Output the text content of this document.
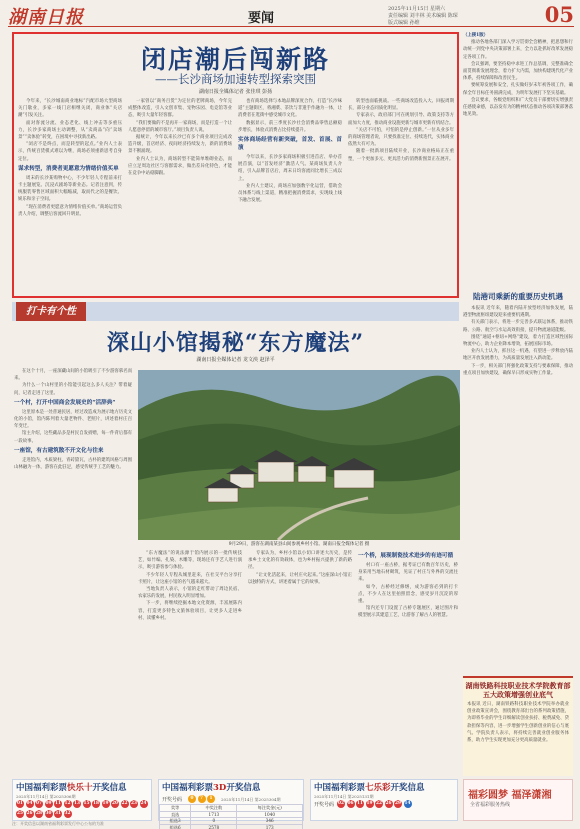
湖南日报	要闻
2025年11月15日 星期六
责任编辑 刘丰林 美术编辑 陈琛
版式编辑 孙维	05
闭店潮后闯新路
——长沙商场加速转型探索突围
湖南日报全媒体记者 张佳琪 彭扬

今年来，“长沙城南商业地标”汽配市场大型商场关门歇业，多家一线门店相继关闭，商业体“关店潮”引发关注。

面对客流分流、业态老化、线上冲击等多重压力，长沙多家商场主动调整，从“卖商品”向“卖场景”“卖体验”转变，在困境中寻找新出路。

“闭店不是终点，而是转型的起点。”业内人士表示，传统百货模式难以为继，商场必须重新思考自身定位。

谋求转型，消费者更愿意为情绪价值买单

周末的长沙某购物中心，不少年轻人专程前来打卡主题展览、沉浸式剧场等新业态。记者注意到，传统服装零售区域面积大幅缩减，取而代之的是餐饮、娱乐和亲子空间。

“现在消费者更愿意为情绪价值买单。”商场运营负责人介绍，调整后客流回升明显。

一家曾以“商务百货”为定位的老牌商场，今年完成整体改造，引入文创市集、宠物乐园、电竞馆等业态，吸引大量年轻客群。

“我们要做的不是再开一家商场，而是打造一个让人愿意停留的城市客厅。”项目负责人说。

据统计，今年以来长沙已有多个商业项目完成改造升级，首店经济、夜间经济持续发力，新的消费场景不断涌现。

业内人士认为，商场转型不能简单堆砌业态，而应立足周边社区与客群需求，做出差异化特色，才能在竞争中站稳脚跟。

也有商场选择与本地品牌深度合作，打造“长沙味道”主题街区，将湘菜、茶饮与非遗手作融为一体，让消费者在逛街中感受城市文化。

数据显示，前三季度长沙社会消费品零售总额稳步增长，体验式消费占比持续提升。

实体商场经营有新突破，首发、首展、首演

今年以来，长沙多家商场积极引进首店、举办首展首演，以“首发经济”激活人气。某商场负责人介绍，引入品牌首店后，周末日均客流同比增长三成以上。

业内人士建议，商场应加强数字化运营，借助会员体系与线上渠道，精准把握消费需求，实现线上线下融合发展。

转型也面临挑战。一些商场改造投入大、回报周期长，部分业态同质化明显。

专家表示，政府部门可在规划引导、政策支持等方面加大力度，推动商业设施更新与城市更新有机结合。

“关店不可怕，可怕的是停止创新。”一位从业多年的商场管理者说，只要找准定位、持续迭代，实体商业依然大有可为。

随着一批新项目陆续开业，长沙商业格局正在重塑，一个更加多元、更具活力的消费新图景正在展开。

（上接1版）

推动各地各部门深入学习贯彻全会精神，把思想和行动统一到党中央决策部署上来，全力以赴抓好改革发展稳定各项工作。

会议强调，要坚持稳中求进工作总基调，完整准确全面贯彻新发展理念，着力扩大内需，加快构建现代化产业体系，持续保障和改善民生。

要统筹发展和安全，扎实做好岁末年初各项工作，确保全年目标任务圆满完成，为明年发展打下坚实基础。

会议要求，各级党组织和广大党员干部要切实增强责任感使命感，以奋发有为的精神状态推动各项决策部署落地见效。

陆港司乘新的重要历史机遇

本报讯 近年来，随着内陆开放型经济加快发展，陆港型物流枢纽建设迎来重要机遇期。

有关部门表示，将进一步完善多式联运体系，推动铁路、公路、航空与水运高效衔接，提升物流通道能级。

围绕“通道+枢纽+网络”建设，着力打造区域性国际物流中心，助力企业降本增效，拓展国际市场。

业内人士认为，抓住这一机遇，有望进一步释放内陆地区开放发展潜力，为高质量发展注入新动能。

下一步，相关部门将强化政策支持与要素保障，推动重点项目加快建设，确保早日形成实物工作量。

打卡有个性
深山小馆揭秘“东方魔法”
湖南日报全媒体记者 龙文泱 赵泽平

在这个十月，一座深藏山间的小馆吸引了不少游客慕名而来。

为什么一个山村里的小馆能引起这么多人关注？带着疑问，记者走进了这里。

一个村，打开中国商会发展史的“活辞典”

这里原本是一处普通民居，经过改造成为展示地方历史文化的小馆，馆内陈列着大量老物件、老照片，讲述着村庄百年变迁。

馆主介绍，这些藏品多是村民自发捐赠，每一件背后都有一段故事。

一座馆，有古建筑散不开文化与往来

走进馆内，木质梁柱、青砖黛瓦，古朴的建筑风格与周围山林融为一体，游客在此驻足，感受传统手工艺的魅力。

9月29日，游客在湖南某县山间参观乡村小馆。湖南日报全媒体记者 摄

“东方魔法”的说法源于馆内展示的一批传统技艺，如竹编、扎染、木雕等，现场还有手艺人进行演示，吸引游客参与体验。

不少年轻人专程从城里赶来，在社交平台分享打卡照片，让这座小馆的名气越来越大。

当地负责人表示，小馆的走红带动了周边民宿、农家乐的发展，村民收入明显增加。

下一步，将继续挖掘本地文化资源，丰富展陈内容，打造更多特色文旅体验项目，让更多人走进乡村、读懂乡村。

专家认为，乡村小馆以小切口讲述大历史，是传承乡土文化的有效载体，也为乡村振兴提供了新的路径。

“让文化活起来，让村庄火起来。”这座深山小馆正以独特的方式，讲述着属于它的故事。

一个桥，展现制瓷技术进步的有迹可循

村口有一座古桥，据考证已有数百年历史，桥身采用当地石材砌筑，见证了村庄与外界的交流往来。

如今，古桥经过修缮，成为游客必到的打卡点，不少人在这里拍照留念，感受岁月沉淀的厚重。

馆内还专门设置了古桥专题展区，通过图片和模型展示其建造工艺，让游客了解古人的智慧。

湖南铁路科技职业技术学院教育部五大政策增强创业底气
本报讯 近日，湖南铁路科技职业技术学院举办就业创业政策宣讲会，围绕教育部出台的系列政策措施，为即将毕业的学生详细解读创业扶持、税费减免、贷款担保等内容，进一步增强学生创新创业的信心与底气。学院负责人表示，将持续完善就业创业服务体系，助力学生实现更加充分更高质量就业。
中国福利彩票快乐十开奖信息
2025年11月14日 第2025306期
01 04 07 09 11 12 13 15 18 19 20 22 23 24
25 26 28 30 31 32
中国福利彩票3D开奖信息
开奖号码	0	7	1	2025年11月14日 第2025304期
奖等	中奖注数	每注奖金(元)
直选	1713	1040
组选3	0	346
组选6	2578	173
中国福利彩票七乐彩开奖信息
2025年11月14日 第2025131期
开奖号码 02 06 11 19 22 26 29 14
福彩圆梦 福泽潇湘
全省福彩服务热线
注：开奖信息以湖南省福利彩票发行中心公布的为准
